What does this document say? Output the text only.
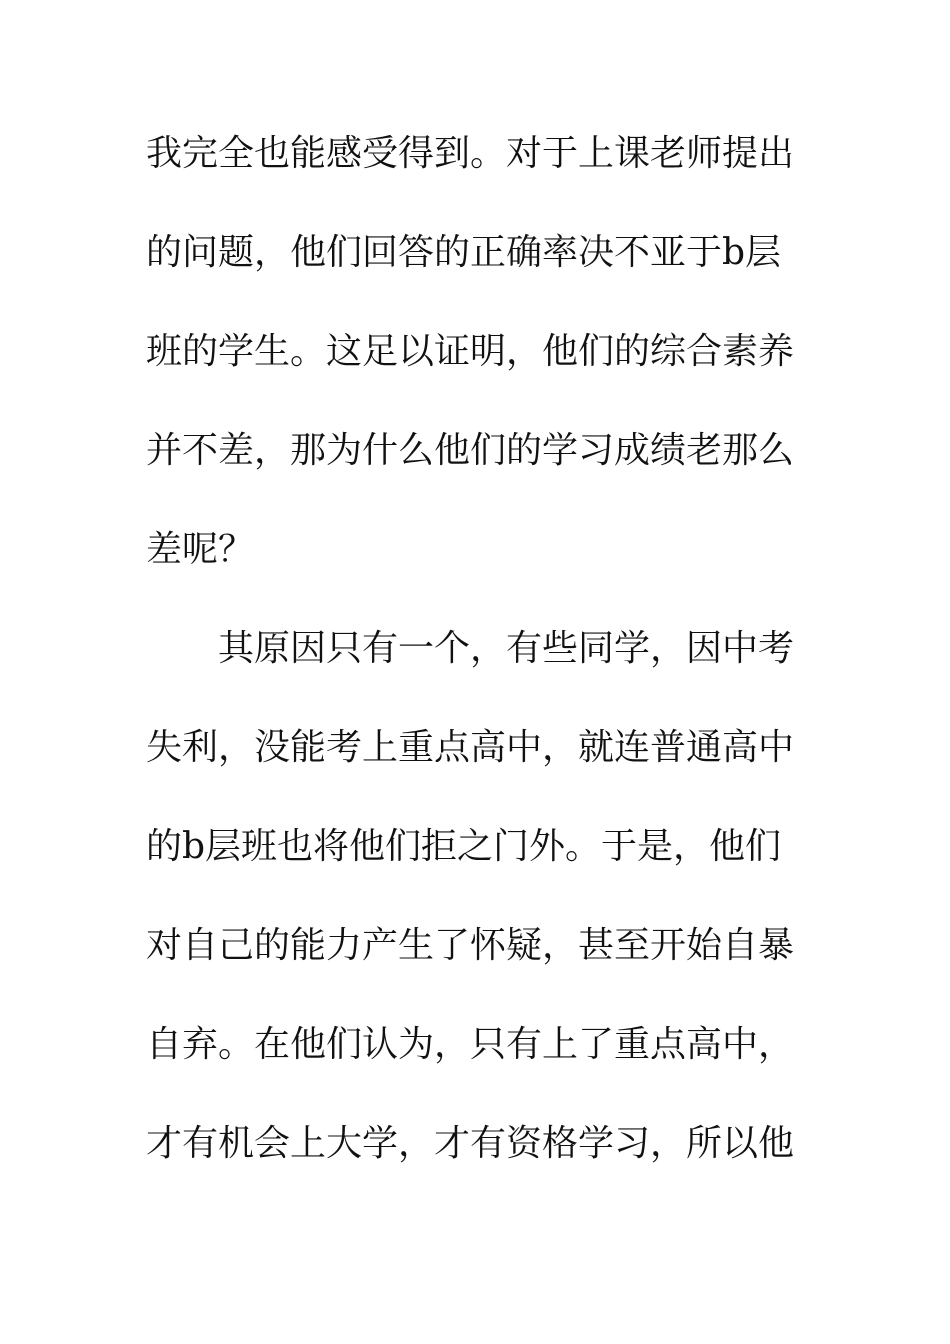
我完全也能感受得到。对于上课老师提出
的问题，他们回答的正确率决不亚于b层
班的学生。这足以证明，他们的综合素养
并不差，那为什么他们的学习成绩老那么
差呢？
　　其原因只有一个，有些同学，因中考
失利，没能考上重点高中，就连普通高中
的b层班也将他们拒之门外。于是，他们
对自己的能力产生了怀疑，甚至开始自暴
自弃。在他们认为，只有上了重点高中，
才有机会上大学，才有资格学习，所以他
